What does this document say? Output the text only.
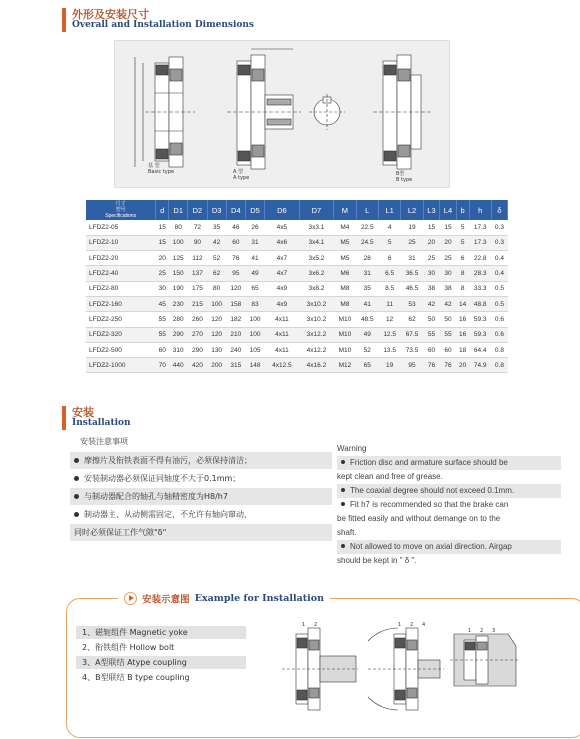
外形及安装尺寸
Overall and Installation Dimensions
基 型
Basic type	A 型
A type
B型
B type
尺寸
型号
Specifications	d	D1	D2	D3	D4	D5	D6	D7	M	L	L1	L2	L3	L4	b	h	δ
LFDZ2-05	15	80	72	35	46	26	4x5	3x3.1	M4	22.5	4	19	15	15	5	17.3	0.3
LFDZ2-10	15	100	90	42	60	31	4x6	3x4.1	M5	24.5	5	25	20	20	5	17.3	0.3
LFDZ2-20	20	125	112	52	76	41	4x7	3x5.2	M5	28	6	31	25	25	6	22.8	0.4
LFDZ2-40	25	150	137	62	95	49	4x7	3x6.2	M6	31	6.5	36.5	30	30	8	28.3	0.4
LFDZ2-80	30	190	175	80	120	65	4x9	3x8.2	M8	35	8.5	46.5	38	38	8	33.3	0.5
LFDZ2-160	45	230	215	100	158	83	4x9	3x10.2	M8	41	11	53	42	42	14	48.8	0.5
LFDZ2-250	55	280	260	120	182	100	4x11	3x10.2	M10	48.5	12	62	50	50	16	59.3	0.6
LFDZ2-320	55	290	270	120	210	100	4x11	3x12.2	M10	49	12.5	67.5	55	55	16	59.3	0.6
LFDZ2-500	60	310	290	130	240	105	4x11	4x12.2	M10	52	13.5	73.5	60	60	18	64.4	0.8
LFDZ2-1000	70	440	420	200	315	148	4x12.5	4x16.2	M12	65	19	95	76	76	20	74.9	0.8
安装
Installation
安装注意事项
摩擦片及衔铁表面不得有油污，必须保持清洁；
安装制动器必须保证同轴度不大于0.1mm；
与制动器配合的轴孔与轴精密度为H8/h7
制动器主、从动侧需固定，不允许有轴向窜动，
同时必须保证工作气隙"δ"
Warning
Friction disc and armature surface should be
kept clean and free of grease.
The coaxial degree should not exceed 0.1mm.
Fit h7 is recommended so that the brake can
be fitted easily and without demange on to the
shaft.
Not allowed to move on axial direction. Airgap
should be kept in " δ ".
安装示意图 Example for Installation
1、磁轭组件 Magnetic yoke
2、衔铁组件 Hollow bolt
3、A型联结 Atype coupling
4、B型联结 B type coupling
1 2	1 2 4
1 2 3
